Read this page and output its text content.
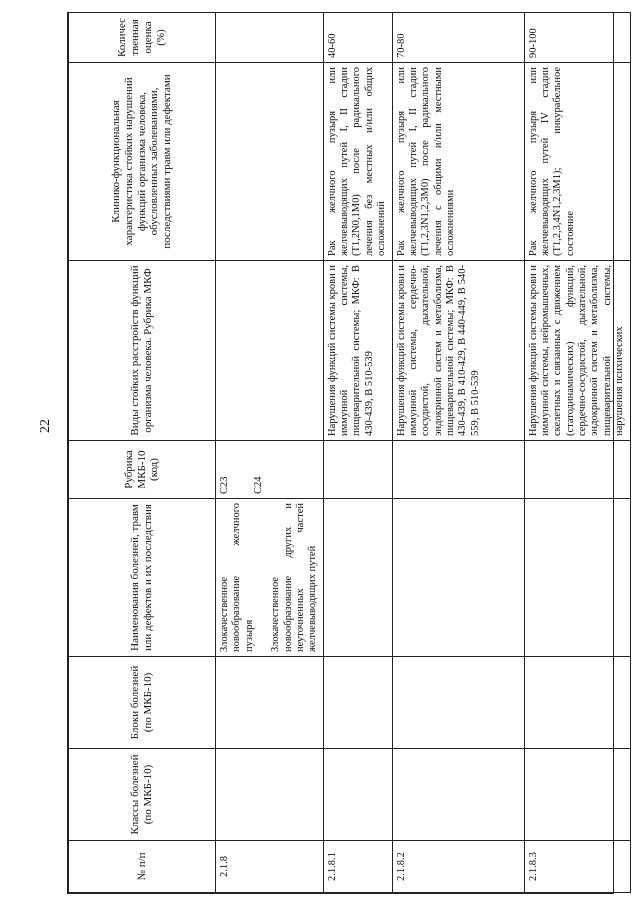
22
№ п/п	Классы болезней (по МКБ-10)	Блоки болезней (по МКБ-10)	Наименования болезней, травм или дефектов и их последствия	Рубрика МКБ-10 (код)	Виды стойких расстройств функций организма человека. Рубрика МКФ	Клинико-функциональная характеристика стойких нарушений функций организма человека, обусловленных заболеваниями, последствиями травм или дефектами	Количественная оценка (%)
2.1.8			Злокачественное новообразование желчного пузыря Злокачественное новообразование других и неуточненных частей желчевыводящих путей	C23 C24			

2.1.8.1					Нарушения функций системы крови и иммунной системы, пищеварительной системы; МКФ: B 430-439, B 510-539	Рак желчного пузыря или желчевыводящих путей I, II стадии (T1,2N0,1M0) после радикального лечения без местных и/или общих осложнений	40-60
2.1.8.2					Нарушения функций системы крови и иммунной системы, сердечно-сосудистой, дыхательной, эндокринной систем и метаболизма, пищеварительной системы; МКФ: B 430-439, B 410-429, B 440-449, B 540-559, B 510-539	Рак желчного пузыря или желчевыводящих путей I, II стадии (T1,2,3N1,2,3M0) после радикального лечения с общими и/или местными осложнениями	70-80
2.1.8.3					Нарушения функций системы крови и иммунной системы, нейромышечных, скелетных и связанных с движением (статодинамических) функций, сердечно-сосудистой, дыхательной, эндокринной систем и метаболизма, пищеварительной системы, нарушения психических	Рак желчного пузыря или желчевыводящих путей IV стадии (T1,2,3,4N1,2,3M1); инкурабельное состояние	90-100
